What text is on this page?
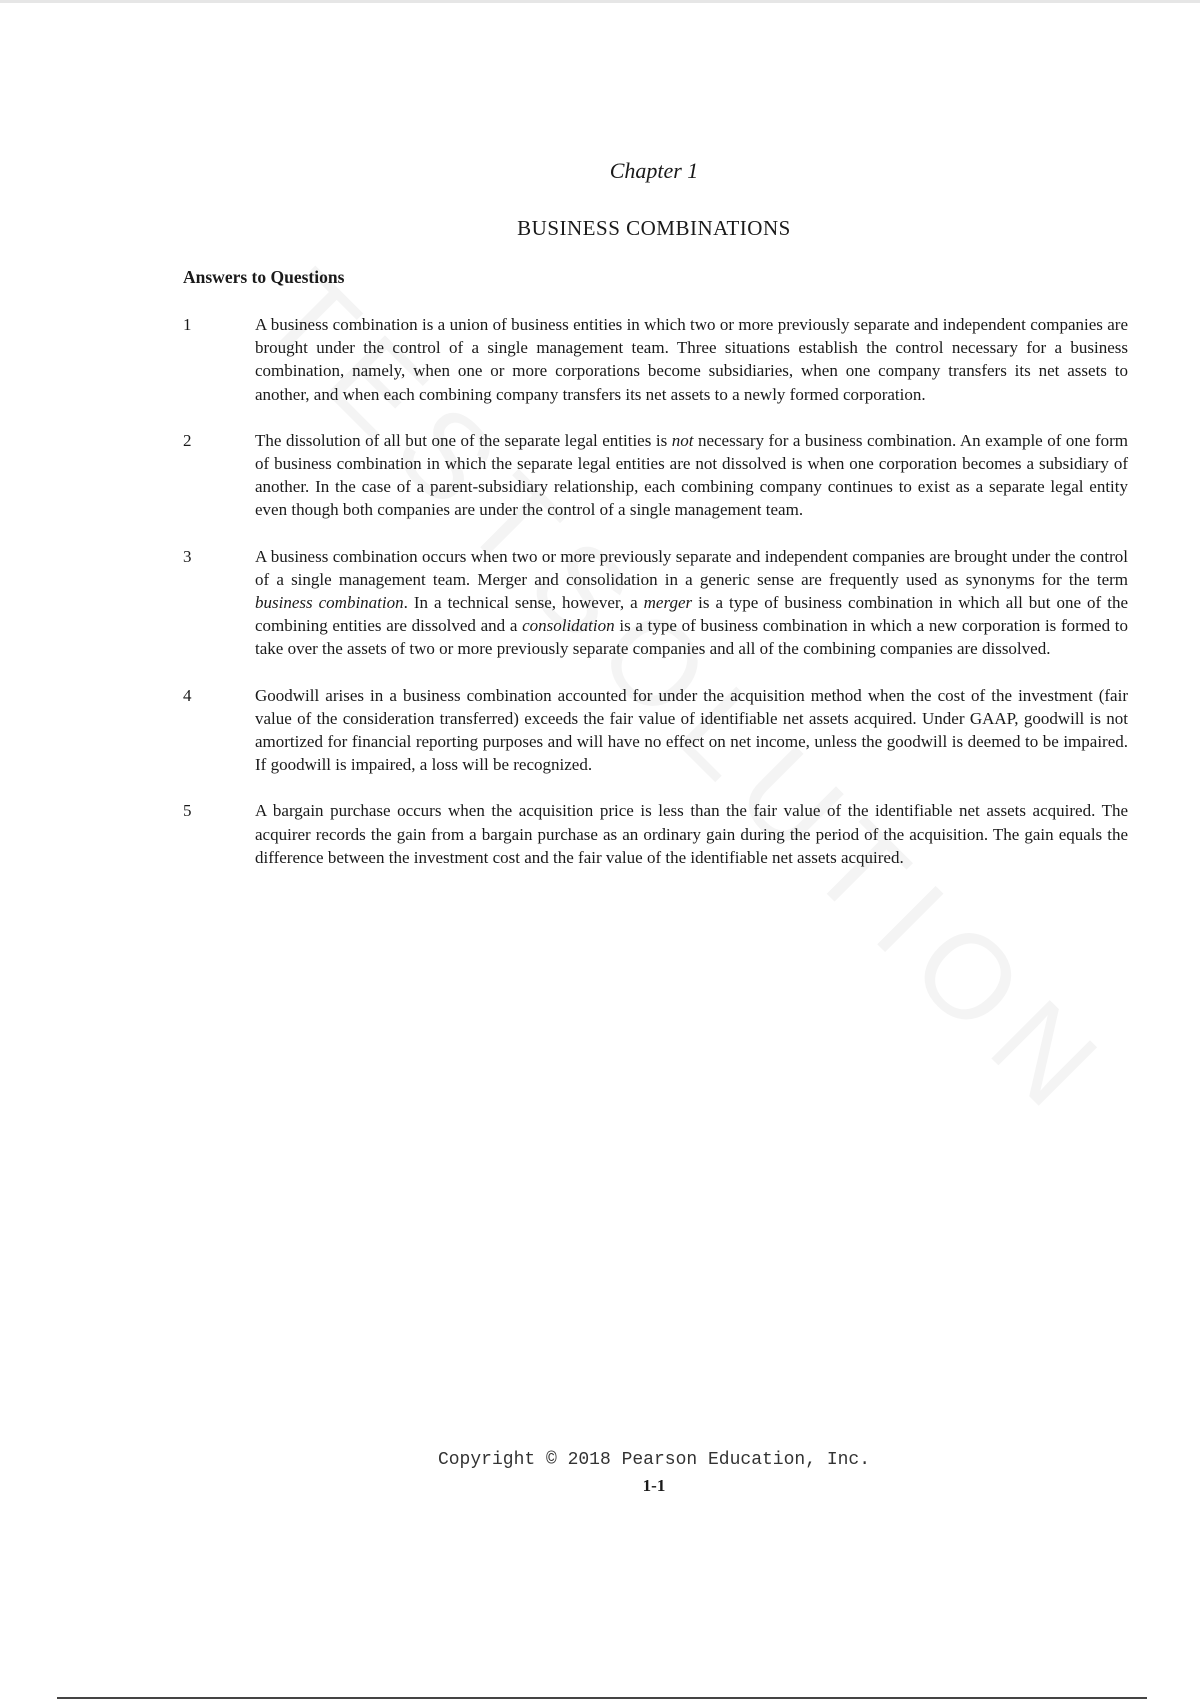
Chapter 1
BUSINESS COMBINATIONS
Answers to Questions
1	A business combination is a union of business entities in which two or more previously separate and independent companies are brought under the control of a single management team. Three situations establish the control necessary for a business combination, namely, when one or more corporations become subsidiaries, when one company transfers its net assets to another, and when each combining company transfers its net assets to a newly formed corporation.
2	The dissolution of all but one of the separate legal entities is not necessary for a business combination. An example of one form of business combination in which the separate legal entities are not dissolved is when one corporation becomes a subsidiary of another. In the case of a parent-subsidiary relationship, each combining company continues to exist as a separate legal entity even though both companies are under the control of a single management team.
3	A business combination occurs when two or more previously separate and independent companies are brought under the control of a single management team. Merger and consolidation in a generic sense are frequently used as synonyms for the term business combination. In a technical sense, however, a merger is a type of business combination in which all but one of the combining entities are dissolved and a consolidation is a type of business combination in which a new corporation is formed to take over the assets of two or more previously separate companies and all of the combining companies are dissolved.
4	Goodwill arises in a business combination accounted for under the acquisition method when the cost of the investment (fair value of the consideration transferred) exceeds the fair value of identifiable net assets acquired. Under GAAP, goodwill is not amortized for financial reporting purposes and will have no effect on net income, unless the goodwill is deemed to be impaired. If goodwill is impaired, a loss will be recognized.
5	A bargain purchase occurs when the acquisition price is less than the fair value of the identifiable net assets acquired. The acquirer records the gain from a bargain purchase as an ordinary gain during the period of the acquisition. The gain equals the difference between the investment cost and the fair value of the identifiable net assets acquired.
Copyright © 2018 Pearson Education, Inc.
1-1
